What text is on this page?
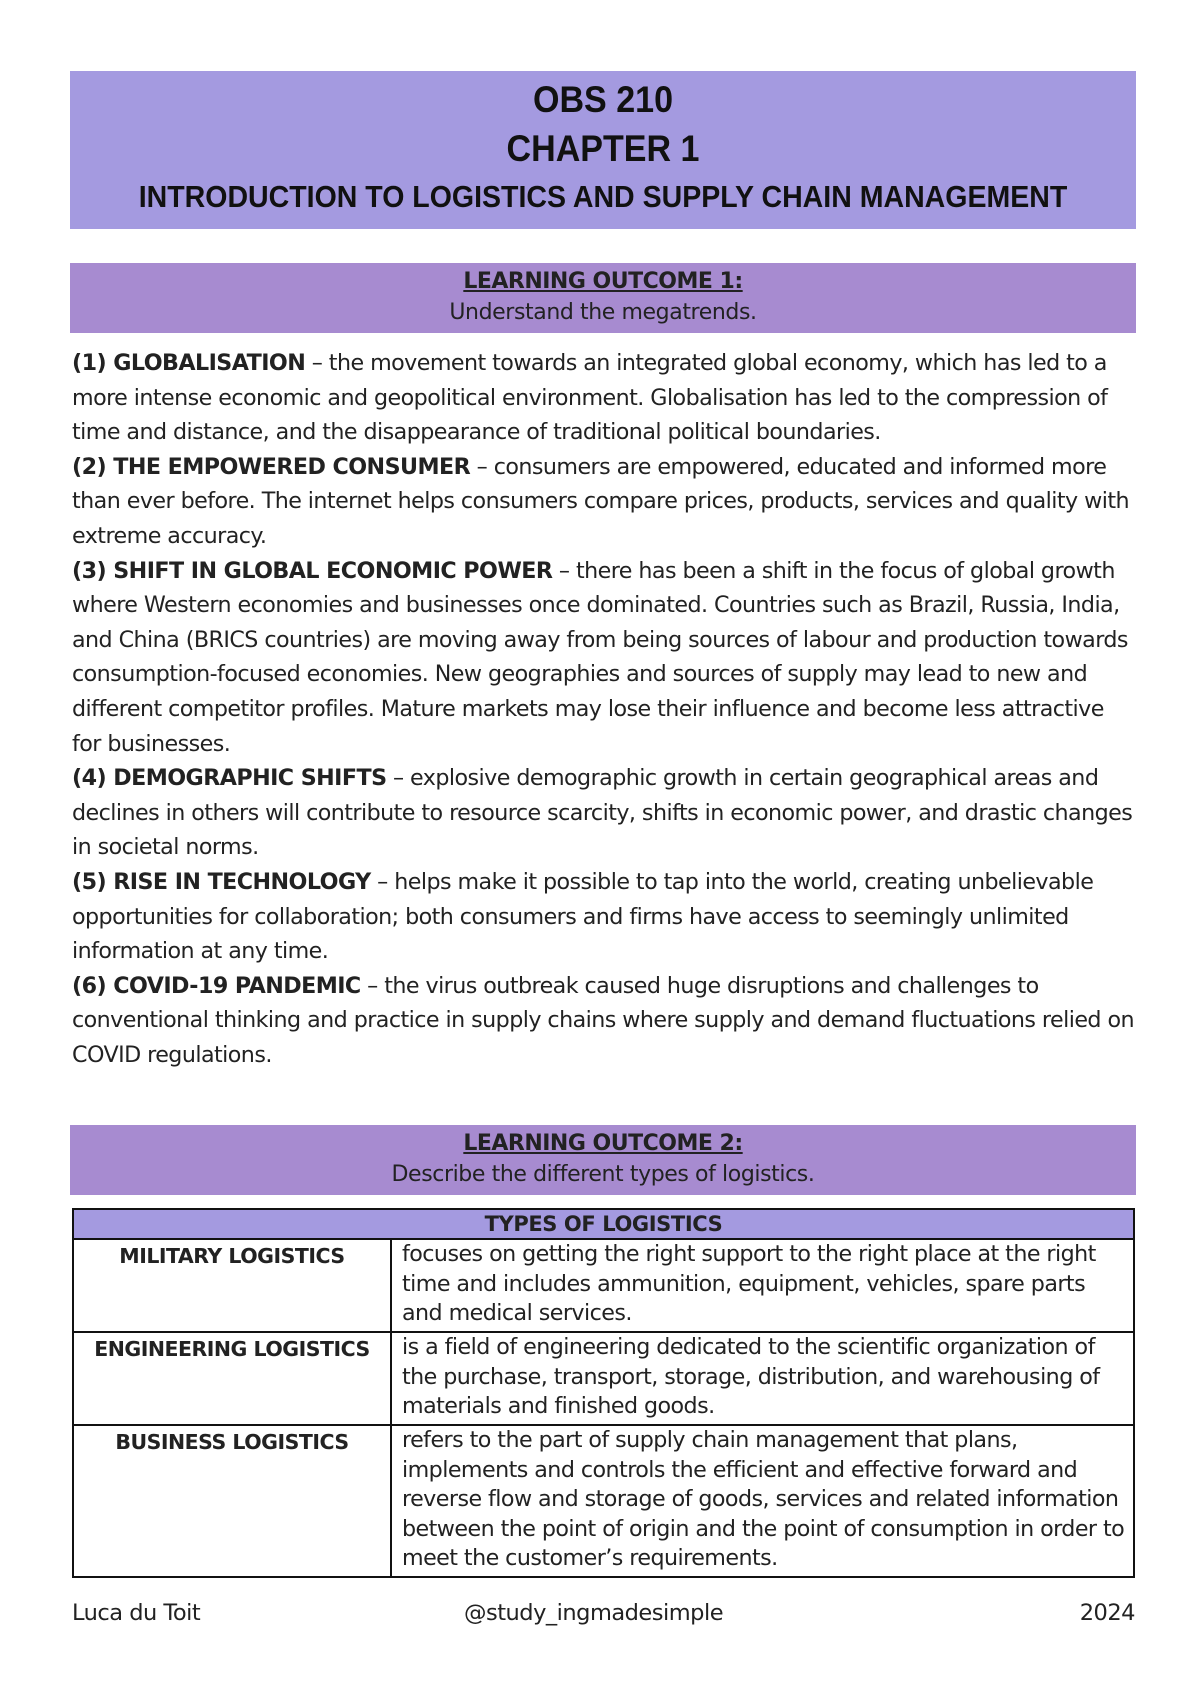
OBS 210
CHAPTER 1
INTRODUCTION TO LOGISTICS AND SUPPLY CHAIN MANAGEMENT
LEARNING OUTCOME 1:
Understand the megatrends.

(1) GLOBALISATION – the movement towards an integrated global economy, which has led to a more intense economic and geopolitical environment. Globalisation has led to the compression of time and distance, and the disappearance of traditional political boundaries.

(2) THE EMPOWERED CONSUMER – consumers are empowered, educated and informed more than ever before. The internet helps consumers compare prices, products, services and quality with extreme accuracy.

(3) SHIFT IN GLOBAL ECONOMIC POWER – there has been a shift in the focus of global growth where Western economies and businesses once dominated. Countries such as Brazil, Russia, India, and China (BRICS countries) are moving away from being sources of labour and production towards consumption-focused economies. New geographies and sources of supply may lead to new and different competitor profiles. Mature markets may lose their influence and become less attractive for businesses.

(4) DEMOGRAPHIC SHIFTS – explosive demographic growth in certain geographical areas and declines in others will contribute to resource scarcity, shifts in economic power, and drastic changes in societal norms.

(5) RISE IN TECHNOLOGY – helps make it possible to tap into the world, creating unbelievable opportunities for collaboration; both consumers and firms have access to seemingly unlimited information at any time.

(6) COVID-19 PANDEMIC – the virus outbreak caused huge disruptions and challenges to conventional thinking and practice in supply chains where supply and demand fluctuations relied on COVID regulations.

LEARNING OUTCOME 2:
Describe the different types of logistics.
TYPES OF LOGISTICS	
MILITARY LOGISTICS	focuses on getting the right support to the right place at the right time and includes ammunition, equipment, vehicles, spare parts and medical services.
ENGINEERING LOGISTICS	is a field of engineering dedicated to the scientific organization of the purchase, transport, storage, distribution, and warehousing of materials and finished goods.
BUSINESS LOGISTICS	refers to the part of supply chain management that plans, implements and controls the efficient and effective forward and reverse flow and storage of goods, services and related information between the point of origin and the point of consumption in order to meet the customer’s requirements.
Luca du Toit	@study_ingmadesimple	2024
